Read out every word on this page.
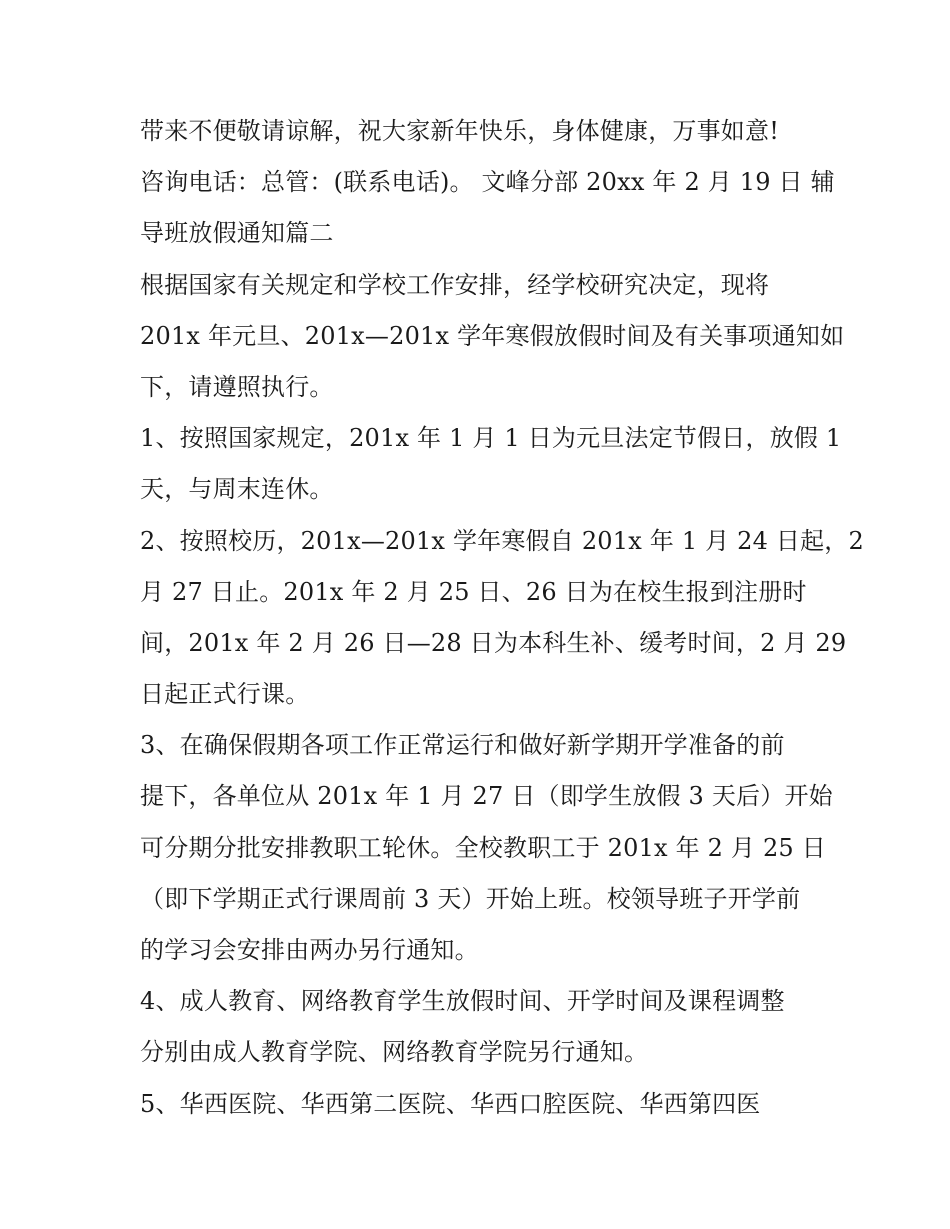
带来不便敬请谅解，祝大家新年快乐，身体健康，万事如意!
咨询电话：总管：(联系电话)。 文峰分部 20xx 年 2 月 19 日 辅
导班放假通知篇二
根据国家有关规定和学校工作安排，经学校研究决定，现将
201x 年元旦、201x—201x 学年寒假放假时间及有关事项通知如
下，请遵照执行。
1、按照国家规定，201x 年 1 月 1 日为元旦法定节假日，放假 1
天，与周末连休。
2、按照校历，201x—201x 学年寒假自 201x 年 1 月 24 日起，2
月 27 日止。201x 年 2 月 25 日、26 日为在校生报到注册时
间，201x 年 2 月 26 日—28 日为本科生补、缓考时间，2 月 29
日起正式行课。
3、在确保假期各项工作正常运行和做好新学期开学准备的前
提下，各单位从 201x 年 1 月 27 日（即学生放假 3 天后）开始
可分期分批安排教职工轮休。全校教职工于 201x 年 2 月 25 日
（即下学期正式行课周前 3 天）开始上班。校领导班子开学前
的学习会安排由两办另行通知。
4、成人教育、网络教育学生放假时间、开学时间及课程调整
分别由成人教育学院、网络教育学院另行通知。
5、华西医院、华西第二医院、华西口腔医院、华西第四医
